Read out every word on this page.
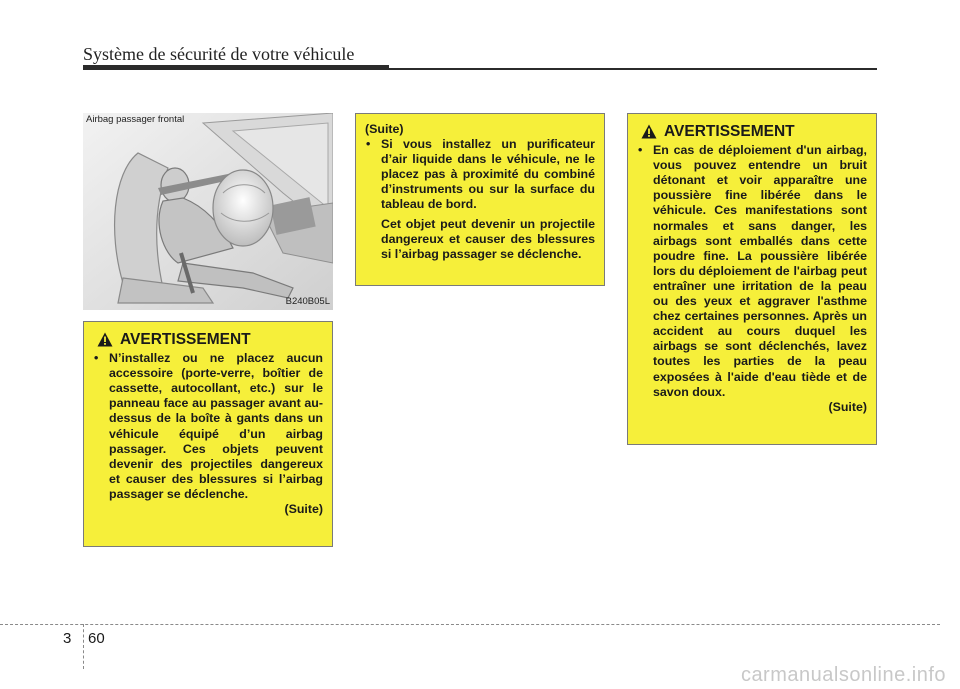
Système de sécurité de votre véhicule
Airbag passager frontal
B240B05L
AVERTISSEMENT
• N’installez ou ne placez aucun accessoire (porte-verre, boîtier de cassette, autocollant, etc.) sur le panneau face au passager avant au-dessus de la boîte à gants dans un véhicule équipé d’un airbag passager. Ces objets peuvent devenir des projectiles dangereux et causer des blessures si l’airbag passager se déclenche.
(Suite)
(Suite)
• Si vous installez un purificateur d’air liquide dans le véhicule, ne le placez pas à proximité du combiné d’instruments ou sur la surface du tableau de bord.
Cet objet peut devenir un projectile dangereux et causer des blessures si l’airbag passager se déclenche.
AVERTISSEMENT
• En cas de déploiement d'un airbag, vous pouvez entendre un bruit détonant et voir apparaître une poussière fine libérée dans le véhicule. Ces manifestations sont normales et sans danger, les airbags sont emballés dans cette poudre fine. La poussière libérée lors du déploiement de l'airbag peut entraîner une irritation de la peau ou des yeux et aggraver l'asthme chez certaines personnes. Après un accident au cours duquel les airbags se sont déclenchés, lavez toutes les parties de la peau exposées à l'aide d'eau tiède et de savon doux.
(Suite)
3 60
carmanualsonline.info
